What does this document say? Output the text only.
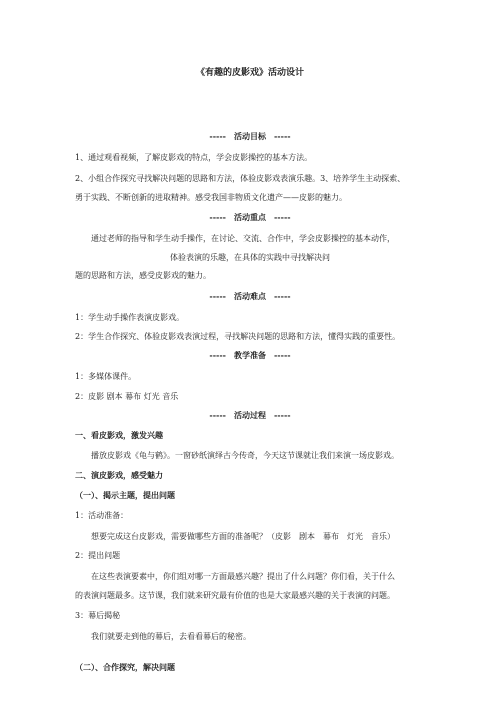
《有趣的皮影戏》活动设计
-----　活动目标　-----
1、通过观看视频，了解皮影戏的特点，学会皮影操控的基本方法。
2、小组合作探究寻找解决问题的思路和方法，体验皮影戏表演乐趣。3、培养学生主动探索、
勇于实践、不断创新的进取精神。感受我国非物质文化遗产——皮影的魅力。
-----　活动重点　-----
通过老师的指导和学生动手操作，在讨论、交流、合作中，学会皮影操控的基本动作，
体验表演的乐趣，在具体的实践中寻找解决问
题的思路和方法，感受皮影戏的魅力。
-----　活动难点　-----
1：学生动手操作表演皮影戏。
2：学生合作探究、体验皮影戏表演过程，寻找解决问题的思路和方法，懂得实践的重要性。
-----　教学准备　-----
1：多媒体课件。
2：皮影 剧本 幕布 灯光 音乐
-----　活动过程　-----
一、看皮影戏，激发兴趣
播放皮影戏《龟与鹤》。一窗砂纸演绎古今传奇，今天这节课就让我们来演一场皮影戏。
二、演皮影戏，感受魅力
（一）、揭示主题，提出问题
1：活动准备：
想要完成这台皮影戏，需要做哪些方面的准备呢？（皮影　剧本　幕布　灯光　音乐）
2：提出问题
在这些表演要素中，你们组对哪一方面最感兴趣？提出了什么问题？你们看，关于什么
的表演问题最多。这节课，我们就来研究最有价值的也是大家最感兴趣的关于表演的问题。
3：幕后揭秘
我们就要走到他的幕后，去看看幕后的秘密。
（二）、合作探究，解决问题
